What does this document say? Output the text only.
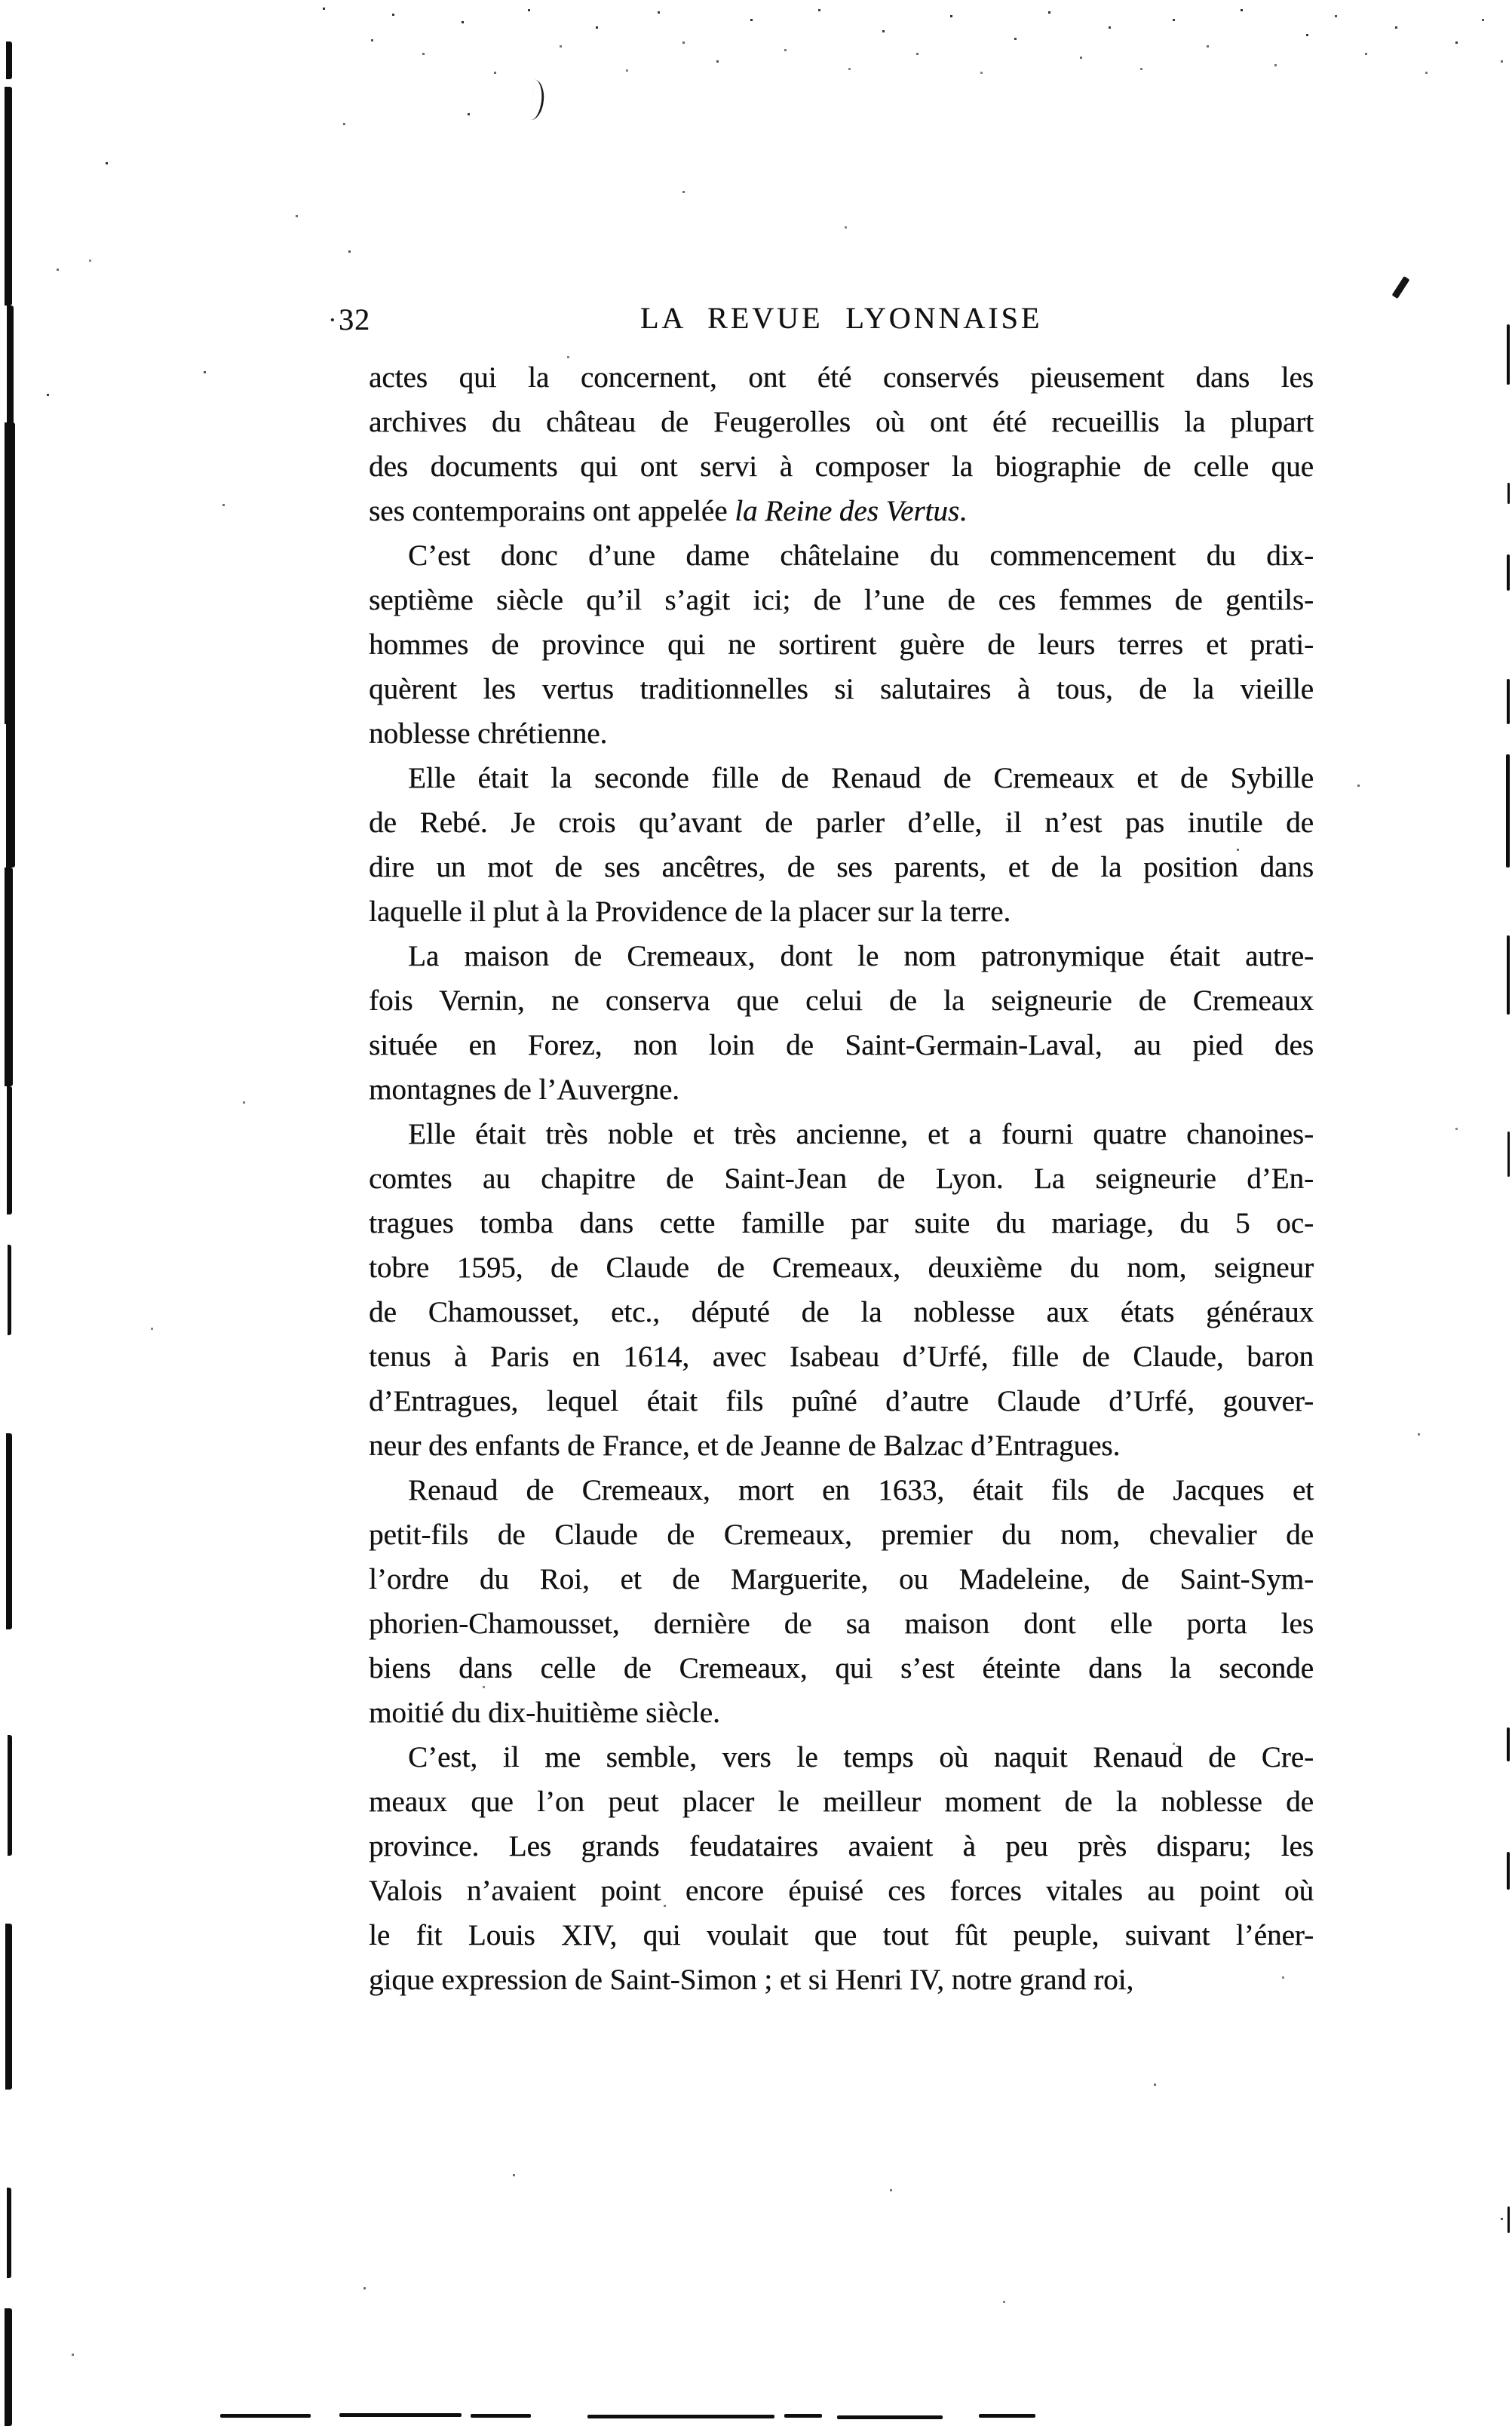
· 32	LA REVUE LYONNAISE
actes qui la concernent, ont été conservés pieusement dans les
archives du château de Feugerolles où ont été recueillis la plupart
des documents qui ont servi à composer la biographie de celle que
ses contemporains ont appelée la Reine des Vertus.
C’est donc d’une dame châtelaine du commencement du dix-
septième siècle qu’il s’agit ici; de l’une de ces femmes de gentils-
hommes de province qui ne sortirent guère de leurs terres et prati-
quèrent les vertus traditionnelles si salutaires à tous, de la vieille
noblesse chrétienne.
Elle était la seconde fille de Renaud de Cremeaux et de Sybille
de Rebé. Je crois qu’avant de parler d’elle, il n’est pas inutile de
dire un mot de ses ancêtres, de ses parents, et de la position dans
laquelle il plut à la Providence de la placer sur la terre.
La maison de Cremeaux, dont le nom patronymique était autre-
fois Vernin, ne conserva que celui de la seigneurie de Cremeaux
située en Forez, non loin de Saint-Germain-Laval, au pied des
montagnes de l’Auvergne.
Elle était très noble et très ancienne, et a fourni quatre chanoines-
comtes au chapitre de Saint-Jean de Lyon. La seigneurie d’En-
tragues tomba dans cette famille par suite du mariage, du 5 oc-
tobre 1595, de Claude de Cremeaux, deuxième du nom, seigneur
de Chamousset, etc., député de la noblesse aux états généraux
tenus à Paris en 1614, avec Isabeau d’Urfé, fille de Claude, baron
d’Entragues, lequel était fils puîné d’autre Claude d’Urfé, gouver-
neur des enfants de France, et de Jeanne de Balzac d’Entragues.
Renaud de Cremeaux, mort en 1633, était fils de Jacques et
petit-fils de Claude de Cremeaux, premier du nom, chevalier de
l’ordre du Roi, et de Marguerite, ou Madeleine, de Saint-Sym-
phorien-Chamousset, dernière de sa maison dont elle porta les
biens dans celle de Cremeaux, qui s’est éteinte dans la seconde
moitié du dix-huitième siècle.
C’est, il me semble, vers le temps où naquit Renaud de Cre-
meaux que l’on peut placer le meilleur moment de la noblesse de
province. Les grands feudataires avaient à peu près disparu; les
Valois n’avaient point encore épuisé ces forces vitales au point où
le fit Louis XIV, qui voulait que tout fût peuple, suivant l’éner-
gique expression de Saint-Simon ; et si Henri IV, notre grand roi,
